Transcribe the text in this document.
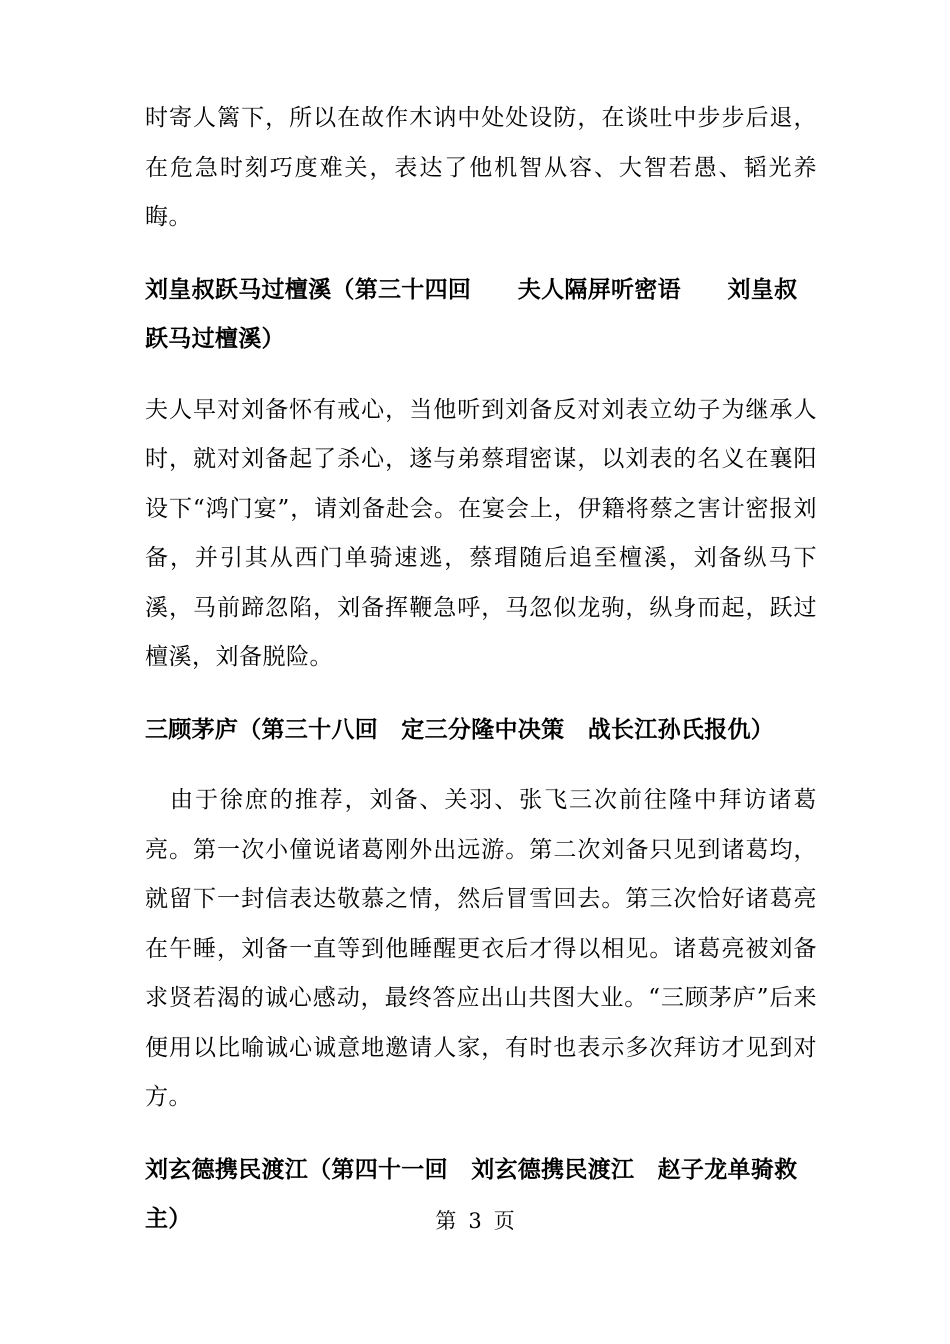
时寄人篱下，所以在故作木讷中处处设防，在谈吐中步步后退，在危急时刻巧度难关，表达了他机智从容、大智若愚、韬光养晦。

刘皇叔跃马过檀溪（第三十四回　　夫人隔屏听密语　　刘皇叔跃马过檀溪）

夫人早对刘备怀有戒心，当他听到刘备反对刘表立幼子为继承人时，就对刘备起了杀心，遂与弟蔡瑁密谋，以刘表的名义在襄阳设下“鸿门宴”，请刘备赴会。在宴会上，伊籍将蔡之害计密报刘备，并引其从西门单骑速逃，蔡瑁随后追至檀溪，刘备纵马下溪，马前蹄忽陷，刘备挥鞭急呼，马忽似龙驹，纵身而起，跃过檀溪，刘备脱险。

三顾茅庐（第三十八回　定三分隆中决策　战长江孙氏报仇）

由于徐庶的推荐，刘备、关羽、张飞三次前往隆中拜访诸葛亮。第一次小僮说诸葛刚外出远游。第二次刘备只见到诸葛均，就留下一封信表达敬慕之情，然后冒雪回去。第三次恰好诸葛亮在午睡，刘备一直等到他睡醒更衣后才得以相见。诸葛亮被刘备求贤若渴的诚心感动，最终答应出山共图大业。“三顾茅庐”后来便用以比喻诚心诚意地邀请人家，有时也表示多次拜访才见到对方。

刘玄德携民渡江（第四十一回　刘玄德携民渡江　赵子龙单骑救主）	第 3 页
